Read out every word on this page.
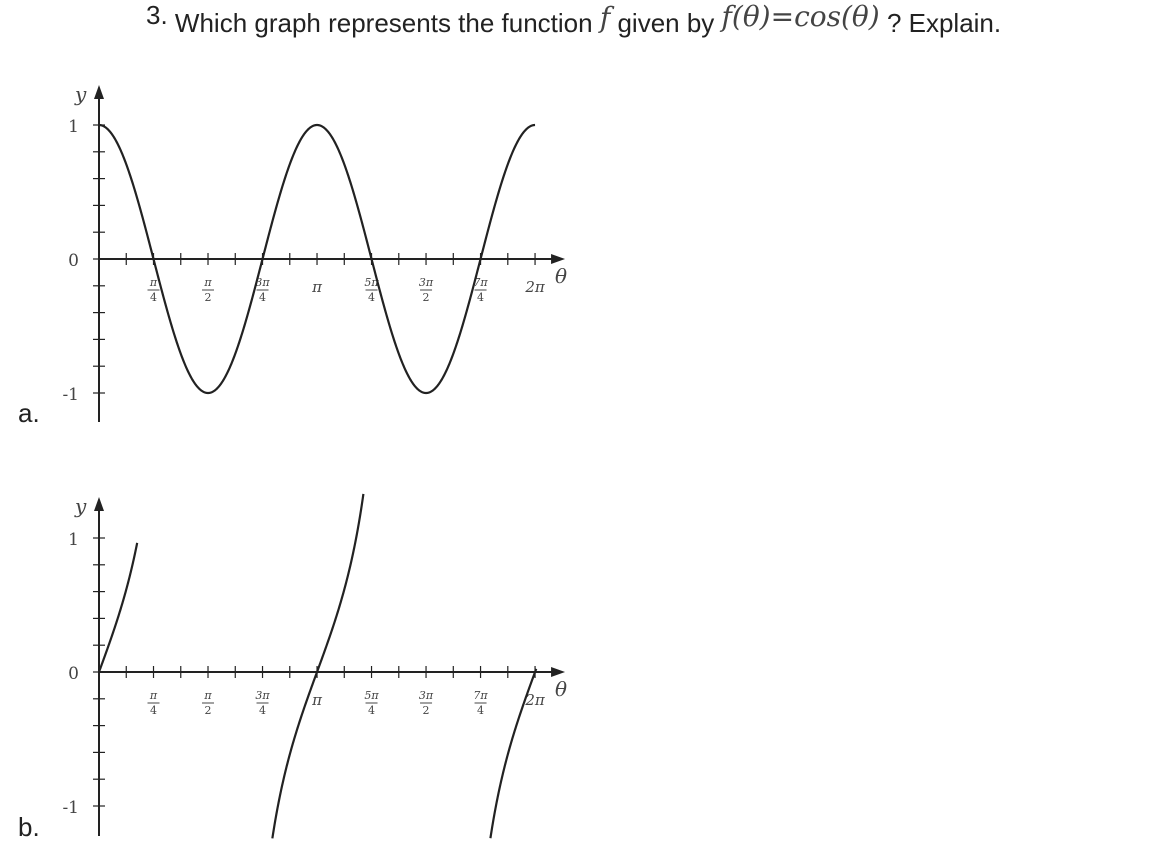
3. Which graph represents the function f given by f(θ)=cos(θ) ? Explain.
a.
b.
y
θ
1
0
-1
π
4
π
2
3π
4
π	5π
4
3π
2
7π
4
2π
y
θ
1
0
-1
π
4
π
2
3π
4
π	5π
4
3π
2
7π
4
2π
